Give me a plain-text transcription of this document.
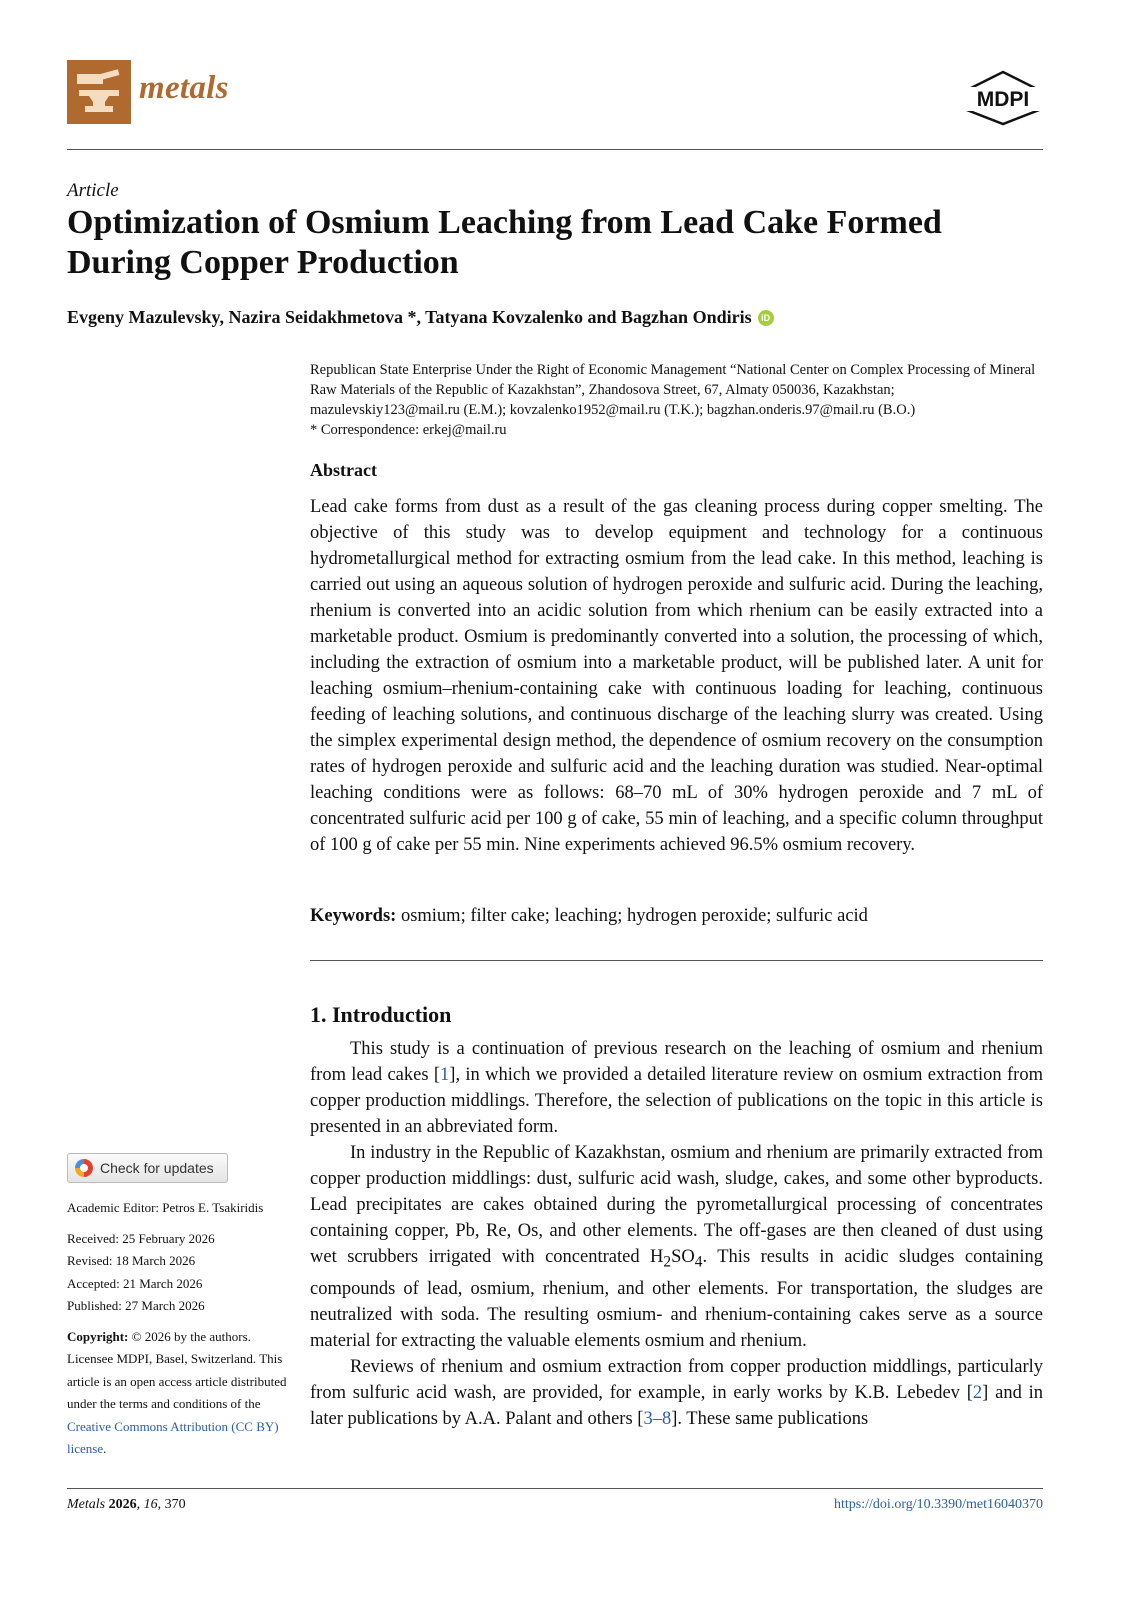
metals	MDPI
Article
Optimization of Osmium Leaching from Lead Cake Formed During Copper Production
Evgeny Mazulevsky, Nazira Seidakhmetova *, Tatyana Kovzalenko and Bagzhan Ondiris	iD

Republican State Enterprise Under the Right of Economic Management “National Center on Complex Processing of Mineral Raw Materials of the Republic of Kazakhstan”, Zhandosova Street, 67, Almaty 050036, Kazakhstan; mazulevskiy123@mail.ru (E.M.); kovzalenko1952@mail.ru (T.K.); bagzhan.onderis.97@mail.ru (B.O.)

* Correspondence: erkej@mail.ru

Abstract
Lead cake forms from dust as a result of the gas cleaning process during copper smelting. The objective of this study was to develop equipment and technology for a continuous hydrometallurgical method for extracting osmium from the lead cake. In this method, leaching is carried out using an aqueous solution of hydrogen peroxide and sulfuric acid. During the leaching, rhenium is converted into an acidic solution from which rhenium can be easily extracted into a marketable product. Osmium is predominantly converted into a solution, the processing of which, including the extraction of osmium into a marketable product, will be published later. A unit for leaching osmium–rhenium-containing cake with continuous loading for leaching, continuous feeding of leaching solutions, and continuous discharge of the leaching slurry was created. Using the simplex experimental design method, the dependence of osmium recovery on the consumption rates of hydrogen peroxide and sulfuric acid and the leaching duration was studied. Near-optimal leaching conditions were as follows: 68–70 mL of 30% hydrogen peroxide and 7 mL of concentrated sulfuric acid per 100 g of cake, 55 min of leaching, and a specific column throughput of 100 g of cake per 55 min. Nine experiments achieved 96.5% osmium recovery.
Keywords: osmium; filter cake; leaching; hydrogen peroxide; sulfuric acid
1. Introduction

This study is a continuation of previous research on the leaching of osmium and rhenium from lead cakes [1], in which we provided a detailed literature review on osmium extraction from copper production middlings. Therefore, the selection of publications on the topic in this article is presented in an abbreviated form.

In industry in the Republic of Kazakhstan, osmium and rhenium are primarily extracted from copper production middlings: dust, sulfuric acid wash, sludge, cakes, and some other byproducts. Lead precipitates are cakes obtained during the pyrometallurgical processing of concentrates containing copper, Pb, Re, Os, and other elements. The off-gases are then cleaned of dust using wet scrubbers irrigated with concentrated $H_2SO_4$. This results in acidic sludges containing compounds of lead, osmium, rhenium, and other elements. For transportation, the sludges are neutralized with soda. The resulting osmium- and rhenium-containing cakes serve as a source material for extracting the valuable elements osmium and rhenium.

Reviews of rhenium and osmium extraction from copper production middlings, particularly from sulfuric acid wash, are provided, for example, in early works by K.B. Lebedev [2] and in later publications by A.A. Palant and others [3–8]. These same publications

Check for updates

Academic Editor: Petros E. Tsakiridis

Received: 25 February 2026

Revised: 18 March 2026

Accepted: 21 March 2026

Published: 27 March 2026

Copyright: © 2026 by the authors. Licensee MDPI, Basel, Switzerland. This article is an open access article distributed under the terms and conditions of the Creative Commons Attribution (CC BY) license.

Metals 2026, 16, 370	https://doi.org/10.3390/met16040370
